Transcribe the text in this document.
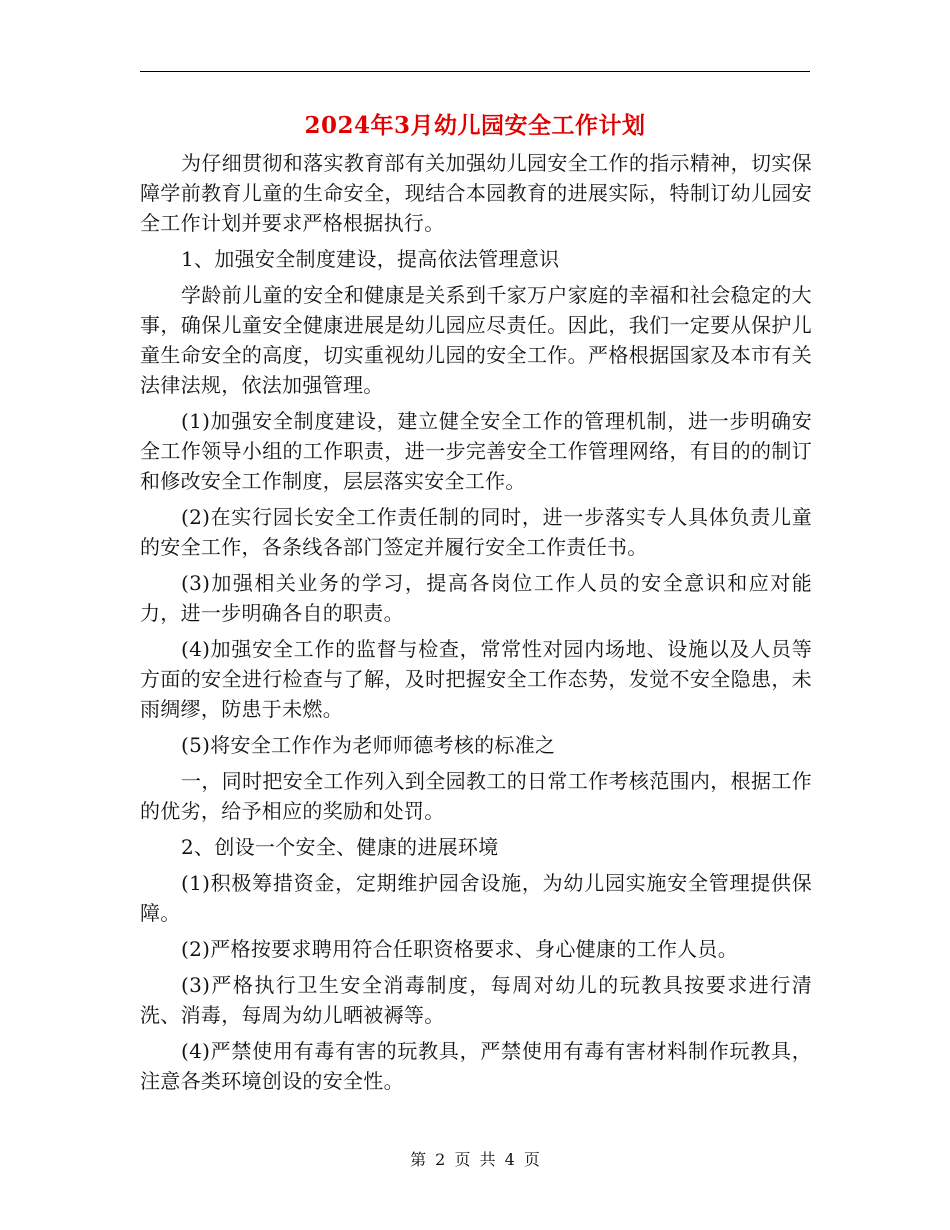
2024年3月幼儿园安全工作计划

为仔细贯彻和落实教育部有关加强幼儿园安全工作的指示精神，切实保障学前教育儿童的生命安全，现结合本园教育的进展实际，特制订幼儿园安全工作计划并要求严格根据执行。

1、加强安全制度建设，提高依法管理意识

学龄前儿童的安全和健康是关系到千家万户家庭的幸福和社会稳定的大事，确保儿童安全健康进展是幼儿园应尽责任。因此，我们一定要从保护儿童生命安全的高度，切实重视幼儿园的安全工作。严格根据国家及本市有关法律法规，依法加强管理。

(1)加强安全制度建设，建立健全安全工作的管理机制，进一步明确安全工作领导小组的工作职责，进一步完善安全工作管理网络，有目的的制订和修改安全工作制度，层层落实安全工作。

(2)在实行园长安全工作责任制的同时，进一步落实专人具体负责儿童的安全工作，各条线各部门签定并履行安全工作责任书。

(3)加强相关业务的学习，提高各岗位工作人员的安全意识和应对能力，进一步明确各自的职责。

(4)加强安全工作的监督与检查，常常性对园内场地、设施以及人员等方面的安全进行检查与了解，及时把握安全工作态势，发觉不安全隐患，未雨绸缪，防患于未燃。

(5)将安全工作作为老师师德考核的标准之

一，同时把安全工作列入到全园教工的日常工作考核范围内，根据工作的优劣，给予相应的奖励和处罚。

2、创设一个安全、健康的进展环境

(1)积极筹措资金，定期维护园舍设施，为幼儿园实施安全管理提供保障。

(2)严格按要求聘用符合任职资格要求、身心健康的工作人员。

(3)严格执行卫生安全消毒制度，每周对幼儿的玩教具按要求进行清洗、消毒，每周为幼儿晒被褥等。

(4)严禁使用有毒有害的玩教具，严禁使用有毒有害材料制作玩教具，注意各类环境创设的安全性。

第 2 页 共 4 页
